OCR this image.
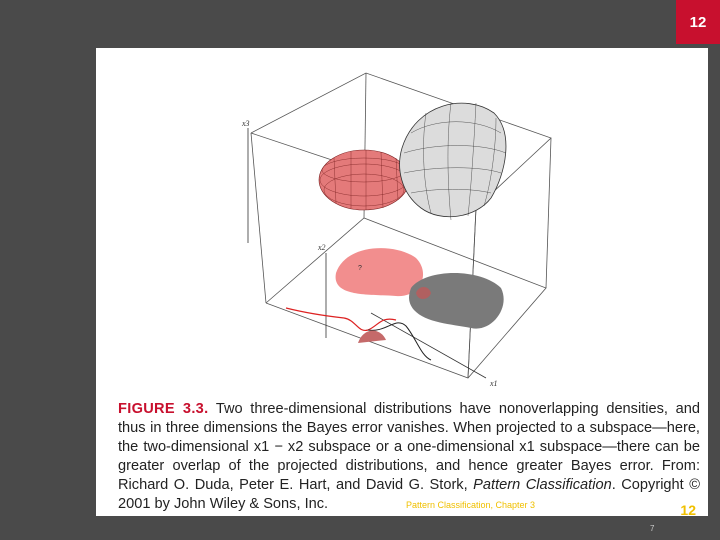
12
x3
x2
x1
?
FIGURE 3.3. Two three-dimensional distributions have nonoverlapping densities, and thus in three dimensions the Bayes error vanishes. When projected to a subspace—here, the two-dimensional x1 − x2 subspace or a one-dimensional x1 subspace—there can be greater overlap of the projected distributions, and hence greater Bayes error. From: Richard O. Duda, Peter E. Hart, and David G. Stork, Pattern Classification. Copyright © 2001 by John Wiley & Sons, Inc.	Pattern Classification, Chapter 3	12
7
